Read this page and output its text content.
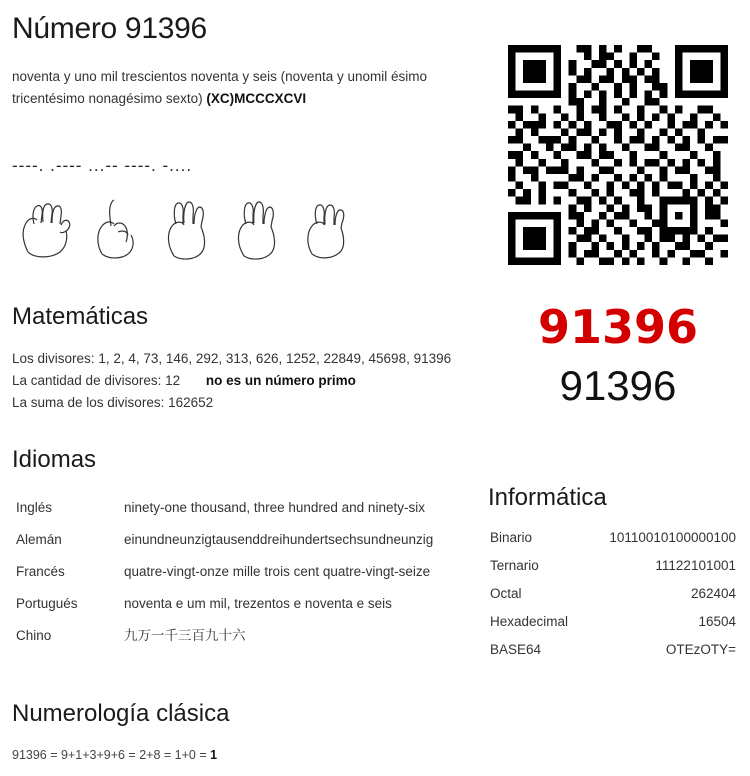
Número 91396
noventa y uno mil trescientos noventa y seis (noventa y unomil ésimo tricentésimo nonagésimo sexto) (XC)MCCCXCVI
----. .---- ...-- ----. -....
Matemáticas
Los divisores: 1, 2, 4, 73, 146, 292, 313, 626, 1252, 22849, 45698, 91396
La cantidad de divisores: 12 no es un número primo
La suma de los divisores: 162652
Idiomas
Inglés	ninety-one thousand, three hundred and ninety-six
Alemán	einundneunzigtausenddreihundertsechsundneunzig
Francés	quatre-vingt-onze mille trois cent quatre-vingt-seize
Portugués	noventa e um mil, trezentos e noventa e seis
Chino	九万一千三百九十六
Informática
Binario	10110010100000100
Ternario	11122101001
Octal	262404
Hexadecimal	16504
BASE64	OTEzOTY=
91396
91396
Numerología clásica
91396 = 9+1+3+9+6 = 2+8 = 1+0 = 1
